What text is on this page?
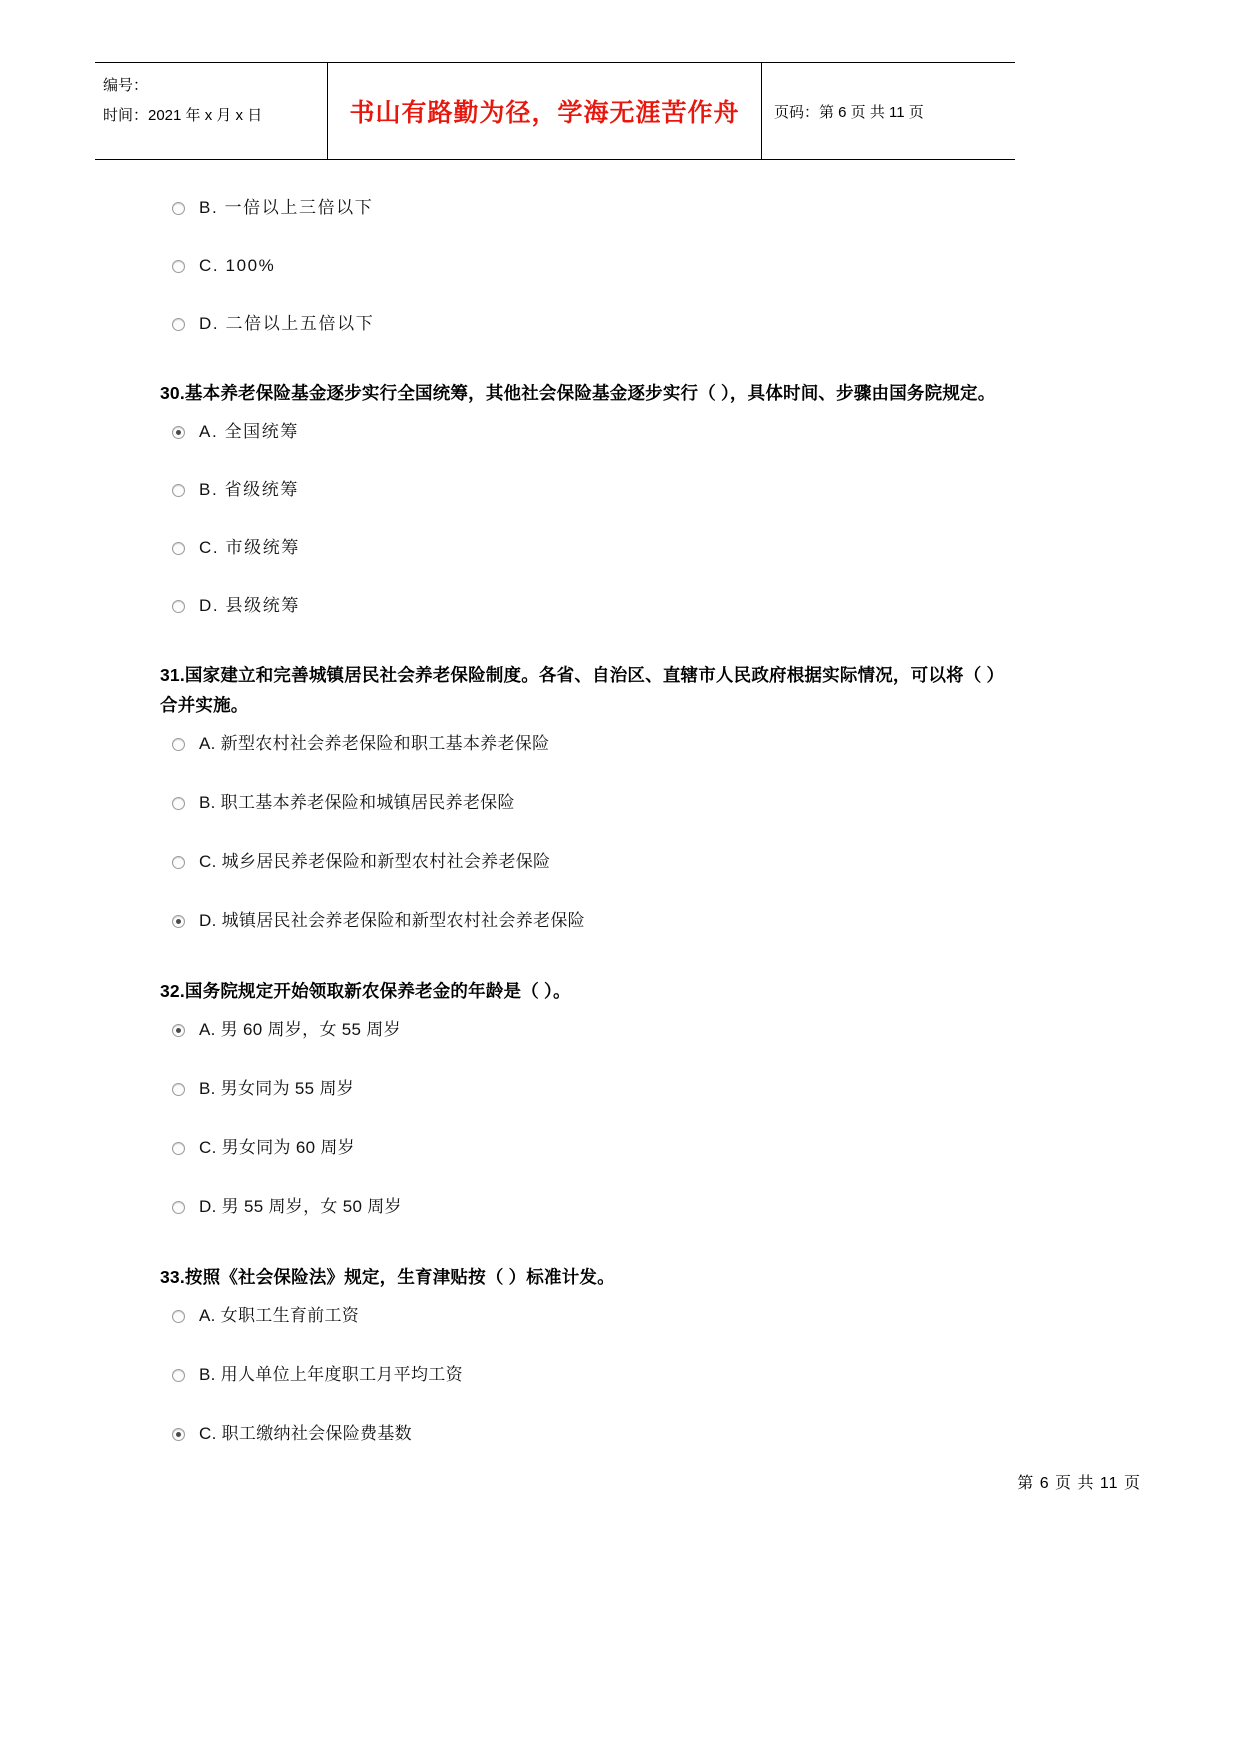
编号：
时间：2021 年 x 月 x 日	书山有路勤为径，学海无涯苦作舟	页码：第 6 页 共 11 页
B. 一倍以上三倍以下
C. 100%
D. 二倍以上五倍以下
30.基本养老保险基金逐步实行全国统筹，其他社会保险基金逐步实行（ ），具体时间、步骤由国务院规定。
A. 全国统筹
B. 省级统筹
C. 市级统筹
D. 县级统筹
31.国家建立和完善城镇居民社会养老保险制度。各省、自治区、直辖市人民政府根据实际情况，可以将（ ）合并实施。
A. 新型农村社会养老保险和职工基本养老保险
B. 职工基本养老保险和城镇居民养老保险
C. 城乡居民养老保险和新型农村社会养老保险
D. 城镇居民社会养老保险和新型农村社会养老保险
32.国务院规定开始领取新农保养老金的年龄是（ ）。
A. 男 60 周岁，女 55 周岁
B. 男女同为 55 周岁
C. 男女同为 60 周岁
D. 男 55 周岁，女 50 周岁
33.按照《社会保险法》规定，生育津贴按（ ）标准计发。
A. 女职工生育前工资
B. 用人单位上年度职工月平均工资
C. 职工缴纳社会保险费基数
第 6 页 共 11 页
